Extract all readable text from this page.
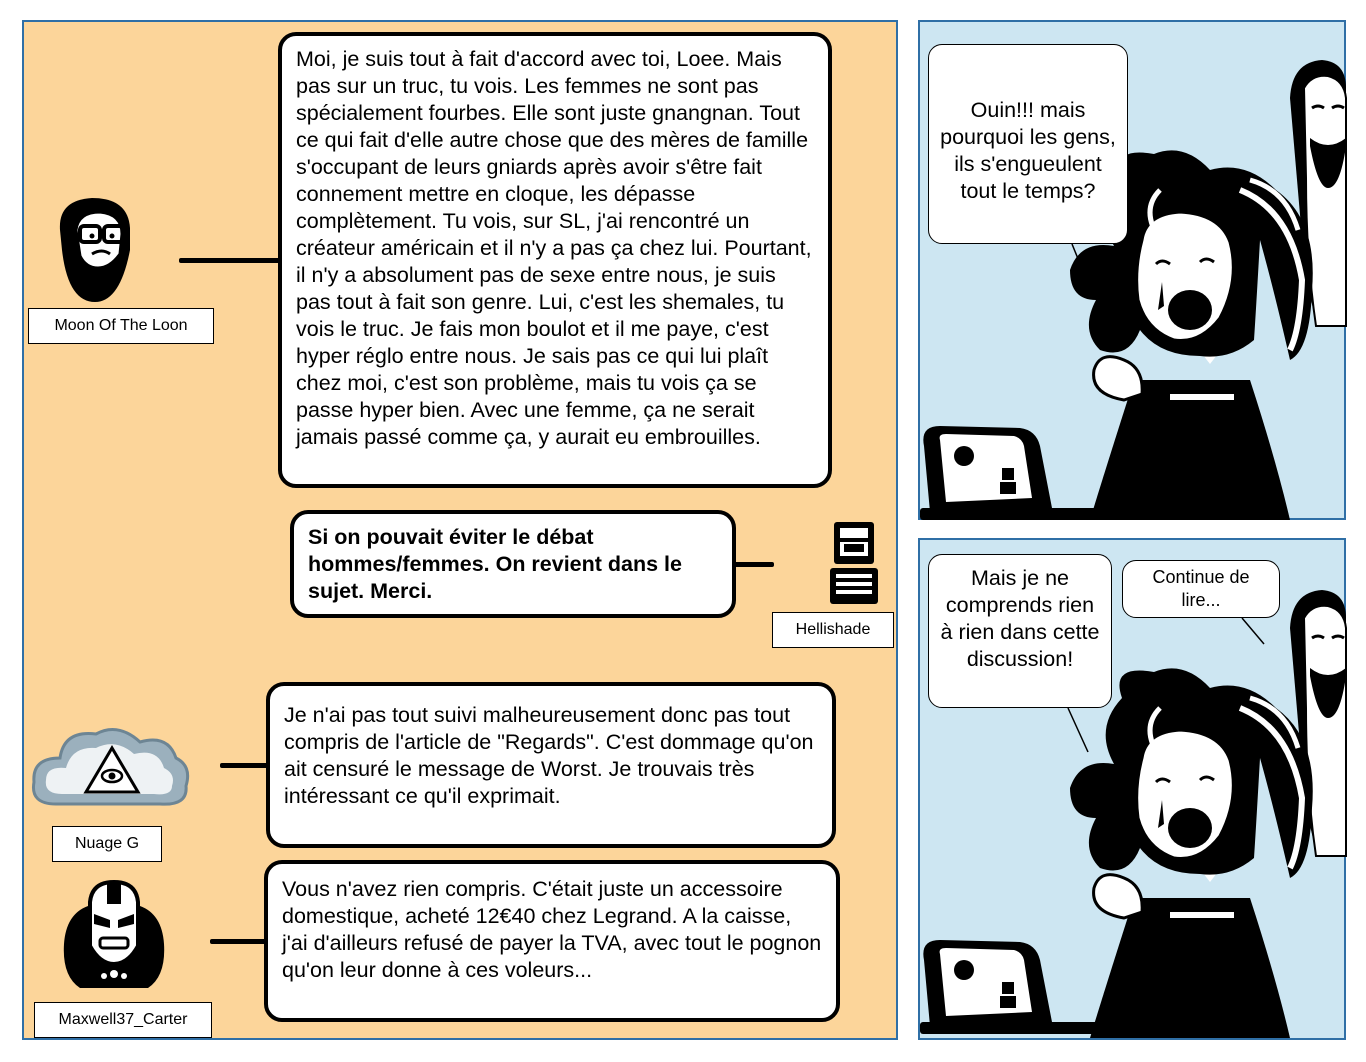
Moon Of The Loon
Moi, je suis tout à fait d'accord avec toi, Loee. Mais pas sur un truc, tu vois. Les femmes ne sont pas spécialement fourbes. Elle sont juste gnangnan. Tout ce qui fait d'elle autre chose que des mères de famille s'occupant de leurs gniards après avoir s'être fait connement mettre en cloque, les dépasse complètement. Tu vois, sur SL, j'ai rencontré un créateur américain et il n'y a pas ça chez lui. Pourtant, il n'y a absolument pas de sexe entre nous, je suis pas tout à fait son genre. Lui, c'est les shemales, tu vois le truc. Je fais mon boulot et il me paye, c'est hyper réglo entre nous. Je sais pas ce qui lui plaît chez moi, c'est son problème, mais tu vois ça se passe hyper bien. Avec une femme, ça ne serait jamais passé comme ça, y aurait eu embrouilles.
Si on pouvait éviter le débat hommes/femmes. On revient dans le sujet. Merci.
Hellishade
Je n'ai pas tout suivi malheureusement donc pas tout compris de l'article de "Regards". C'est dommage qu'on ait censuré le message de Worst. Je trouvais très intéressant ce qu'il exprimait.
Nuage G
Vous n'avez rien compris. C'était juste un accessoire domestique, acheté 12€40 chez Legrand. A la caisse, j'ai d'ailleurs refusé de payer la TVA, avec tout le pognon qu'on leur donne à ces voleurs...
Maxwell37_Carter
Ouin!!! mais pourquoi les gens, ils s'engueulent tout le temps?
Mais je ne comprends rien à rien dans cette discussion!
Continue de lire...
